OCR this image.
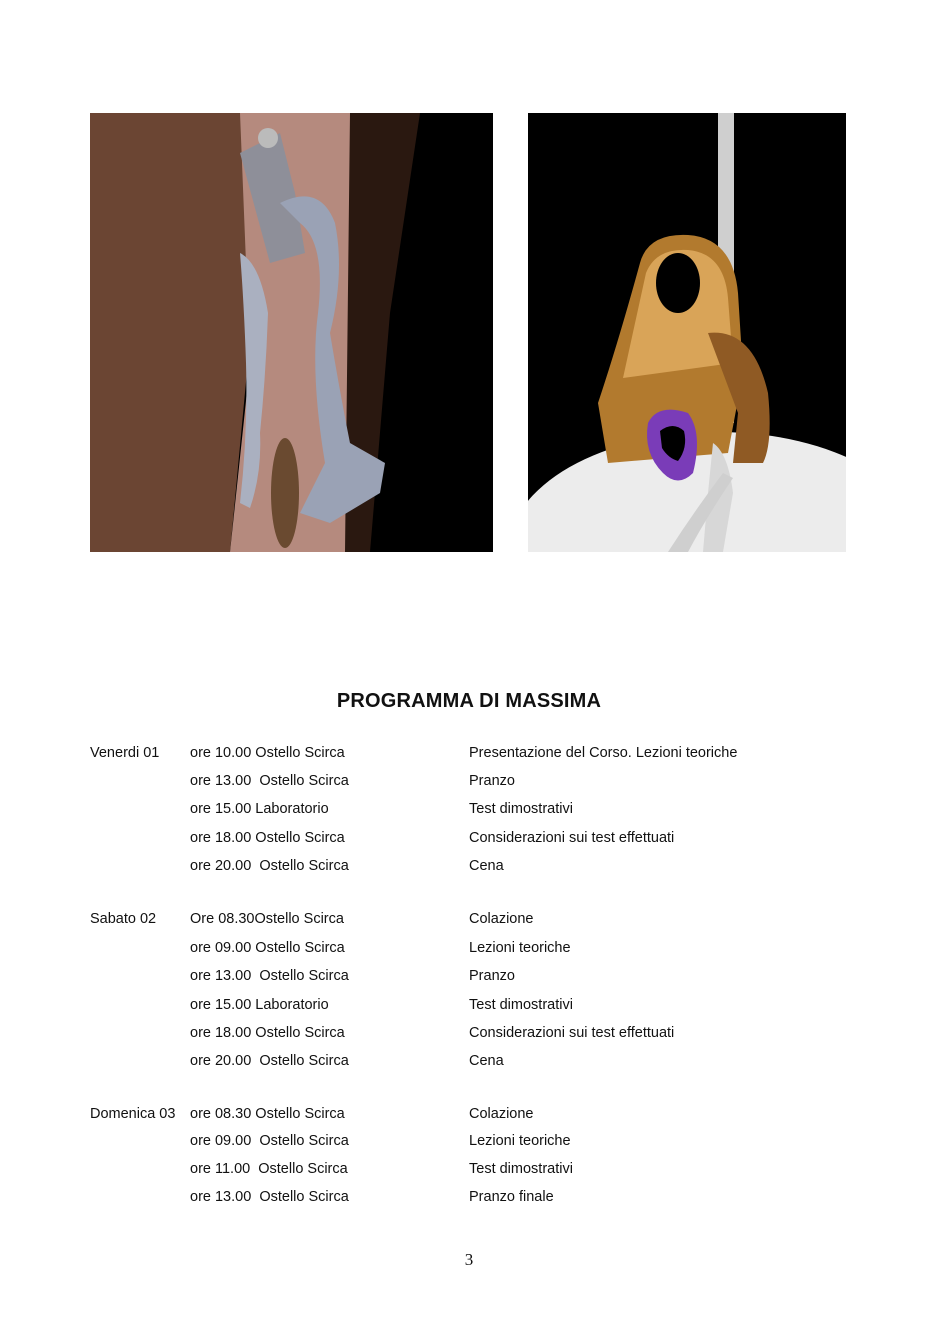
PROGRAMMA DI MASSIMA
Venerdi 01 ore 10.00 Ostello Scirca	Presentazione del Corso. Lezioni teoriche
ore 13.00  Ostello Scirca	Pranzo
ore 15.00 Laboratorio	Test dimostrativi
ore 18.00 Ostello Scirca	Considerazioni sui test effettuati
ore 20.00  Ostello Scirca	Cena
Sabato 02 Ore 08.30Ostello Scirca	Colazione
ore 09.00 Ostello Scirca	Lezioni teoriche
ore 13.00  Ostello Scirca	Pranzo
ore 15.00 Laboratorio	Test dimostrativi
ore 18.00 Ostello Scirca	Considerazioni sui test effettuati
ore 20.00  Ostello Scirca	Cena
Domenica 03 ore 08.30 Ostello Scirca	Colazione
ore 09.00  Ostello Scirca	Lezioni teoriche
ore 11.00  Ostello Scirca	Test dimostrativi
ore 13.00  Ostello Scirca	Pranzo finale
3
